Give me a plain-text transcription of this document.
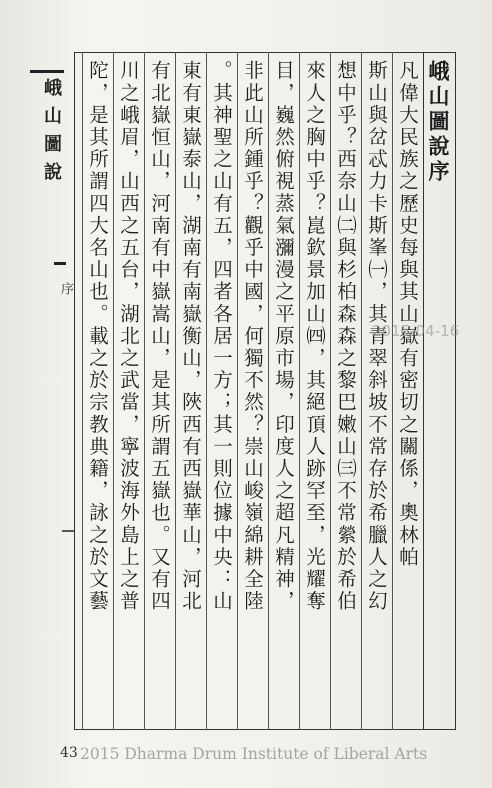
峨山圖說
序
峨山圖說序
凡偉大民族之歷史每與其山嶽有密切之關係，奧林帕
斯山與岔忒力卡斯峯㈠，其青翠斜坡不常存於希臘人之幻
想中乎？西奈山㈡與杉柏森森之黎巴嫩山㈢不常縈於希伯
來人之胸中乎？崑欽景加山㈣，其絕頂人跡罕至，光耀奪
目，巍然俯視蒸氣瀰漫之平原市場，印度人之超凡精神，
非此山所鍾乎？觀乎中國，何獨不然？崇山峻嶺綿耕全陸
。其神聖之山有五，四者各居一方；其一則位據中央：山
東有東嶽泰山，湖南有南嶽衡山，陜西有西嶽華山，河北
有北嶽恒山，河南有中嶽嵩山，是其所謂五嶽也。又有四
川之峨眉，山西之五台，湖北之武當，寧波海外島上之普
陀，是其所謂四大名山也。載之於宗教典籍，詠之於文藝	2015-04-16
43 2015 Dharma Drum Institute of Liberal Arts
